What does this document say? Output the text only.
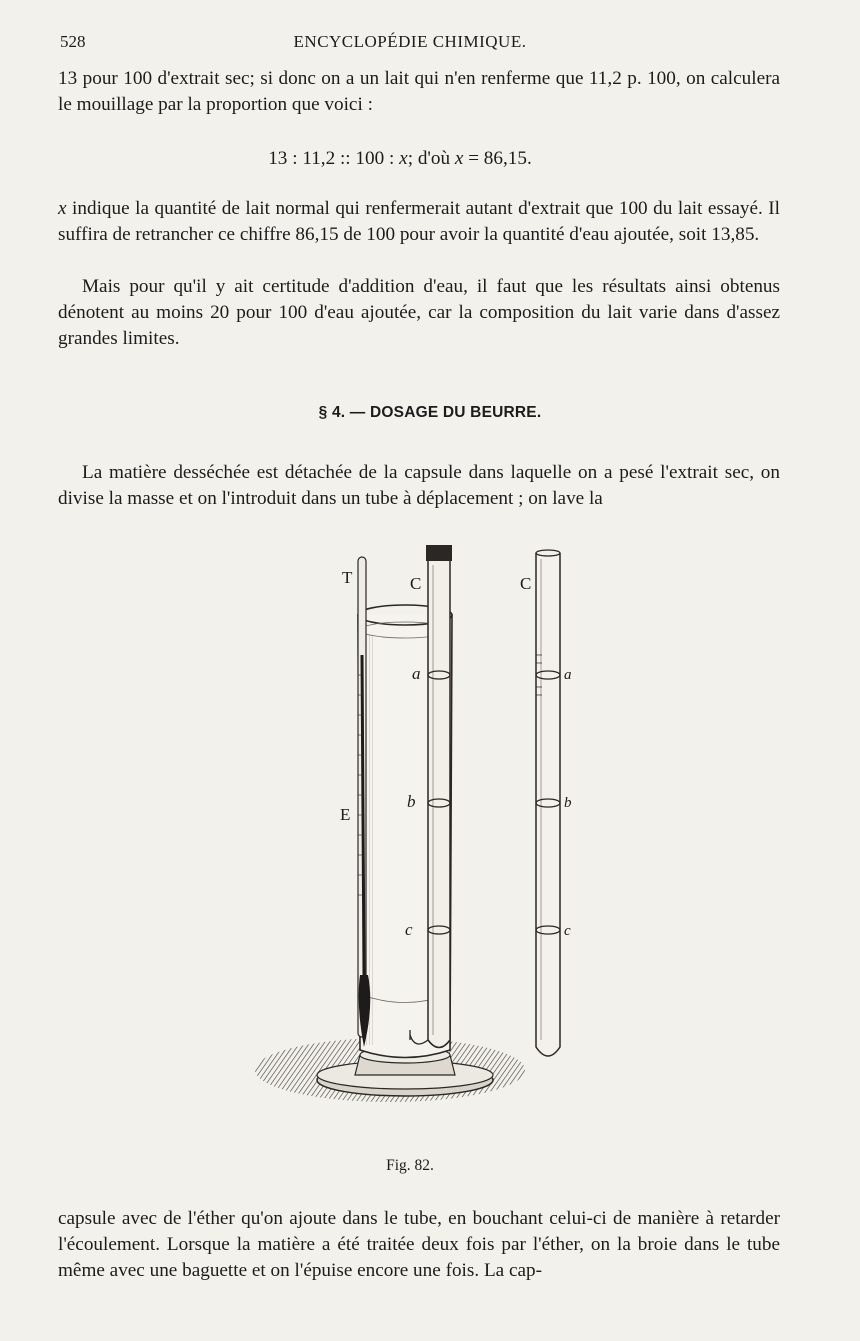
528	ENCYCLOPÉDIE CHIMIQUE.
13 pour 100 d'extrait sec; si donc on a un lait qui n'en renferme que 11,2 p. 100, on calculera le mouillage par la proportion que voici :
13 : 11,2 :: 100 : x; d'où x = 86,15.
x indique la quantité de lait normal qui renfermerait autant d'extrait que 100 du lait essayé. Il suffira de retrancher ce chiffre 86,15 de 100 pour avoir la quantité d'eau ajoutée, soit 13,85.
Mais pour qu'il y ait certitude d'addition d'eau, il faut que les résultats ainsi obtenus dénotent au moins 20 pour 100 d'eau ajoutée, car la composition du lait varie dans d'assez grandes limites.
§ 4. — DOSAGE DU BEURRE.
La matière desséchée est détachée de la capsule dans laquelle on a pesé l'extrait sec, on divise la masse et on l'introduit dans un tube à déplacement ; on lave la
T	C	C
E
a
b
c
a
b
c
Fig. 82.
capsule avec de l'éther qu'on ajoute dans le tube, en bouchant celui-ci de manière à retarder l'écoulement. Lorsque la matière a été traitée deux fois par l'éther, on la broie dans le tube même avec une baguette et on l'épuise encore une fois. La cap-
